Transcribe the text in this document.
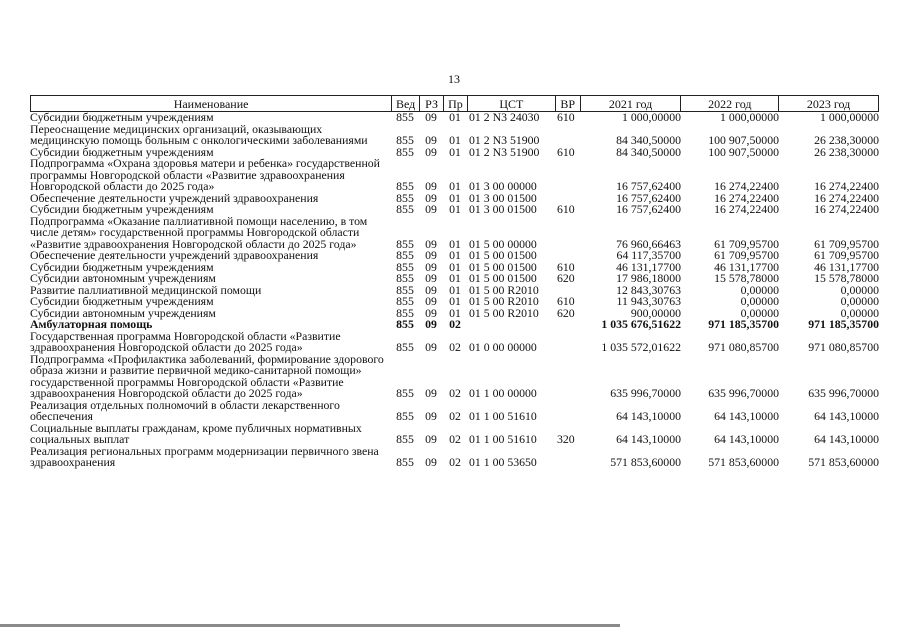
13
Наименование	Вед РЗ Пр	ЦСТ	ВР	2021 год	2022 год	2023 год
Субсидии бюджетным учреждениям	855 09	01 01 2 N3 24030	610	1 000,00000	1 000,00000	1 000,00000
Переоснащение медицинских организаций, оказывающих медицинскую помощь больным с онкологическими заболеваниями	855 09	01 01 2 N3 51900	84 340,50000	100 907,50000	26 238,30000
Субсидии бюджетным учреждениям	855 09	01 01 2 N3 51900	610	84 340,50000	100 907,50000	26 238,30000
Подпрограмма «Охрана здоровья матери и ребенка» государственной программы Новгородской области «Развитие здравоохранения Новгородской области до 2025 года»	855 09	01 01 3 00 00000	16 757,62400	16 274,22400	16 274,22400
Обеспечение деятельности учреждений здравоохранения	855 09	01 01 3 00 01500	16 757,62400	16 274,22400	16 274,22400
Субсидии бюджетным учреждениям	855 09	01 01 3 00 01500	610	16 757,62400	16 274,22400	16 274,22400
Подпрограмма «Оказание паллиативной помощи населению, в том числе детям» государственной программы Новгородской области «Развитие здравоохранения Новгородской области до 2025 года»	855 09	01 01 5 00 00000	76 960,66463	61 709,95700	61 709,95700
Обеспечение деятельности учреждений здравоохранения	855 09	01 01 5 00 01500	64 117,35700	61 709,95700	61 709,95700
Субсидии бюджетным учреждениям	855 09	01 01 5 00 01500	610	46 131,17700	46 131,17700	46 131,17700
Субсидии автономным учреждениям	855 09	01 01 5 00 01500	620	17 986,18000	15 578,78000	15 578,78000
Развитие паллиативной медицинской помощи	855 09	01 01 5 00 R2010	12 843,30763	0,00000	0,00000
Субсидии бюджетным учреждениям	855 09	01 01 5 00 R2010	610	11 943,30763	0,00000	0,00000
Субсидии автономным учреждениям	855 09	01 01 5 00 R2010	620	900,00000	0,00000	0,00000
Амбулаторная помощь	855 09	02	1 035 676,51622	971 185,35700	971 185,35700
Государственная программа Новгородской области «Развитие здравоохранения Новгородской области до 2025 года»	855 09	02 01 0 00 00000	1 035 572,01622	971 080,85700	971 080,85700
Подпрограмма «Профилактика заболеваний, формирование здорового образа жизни и развитие первичной медико-санитарной помощи» государственной программы Новгородской области «Развитие здравоохранения Новгородской области до 2025 года»	855 09	02 01 1 00 00000	635 996,70000	635 996,70000	635 996,70000
Реализация отдельных полномочий в области лекарственного обеспечения	855 09	02 01 1 00 51610	64 143,10000	64 143,10000	64 143,10000
Социальные выплаты гражданам, кроме публичных нормативных социальных выплат	855 09	02 01 1 00 51610	320	64 143,10000	64 143,10000	64 143,10000
Реализация региональных программ модернизации первичного звена здравоохранения	855 09	02 01 1 00 53650	571 853,60000	571 853,60000	571 853,60000
